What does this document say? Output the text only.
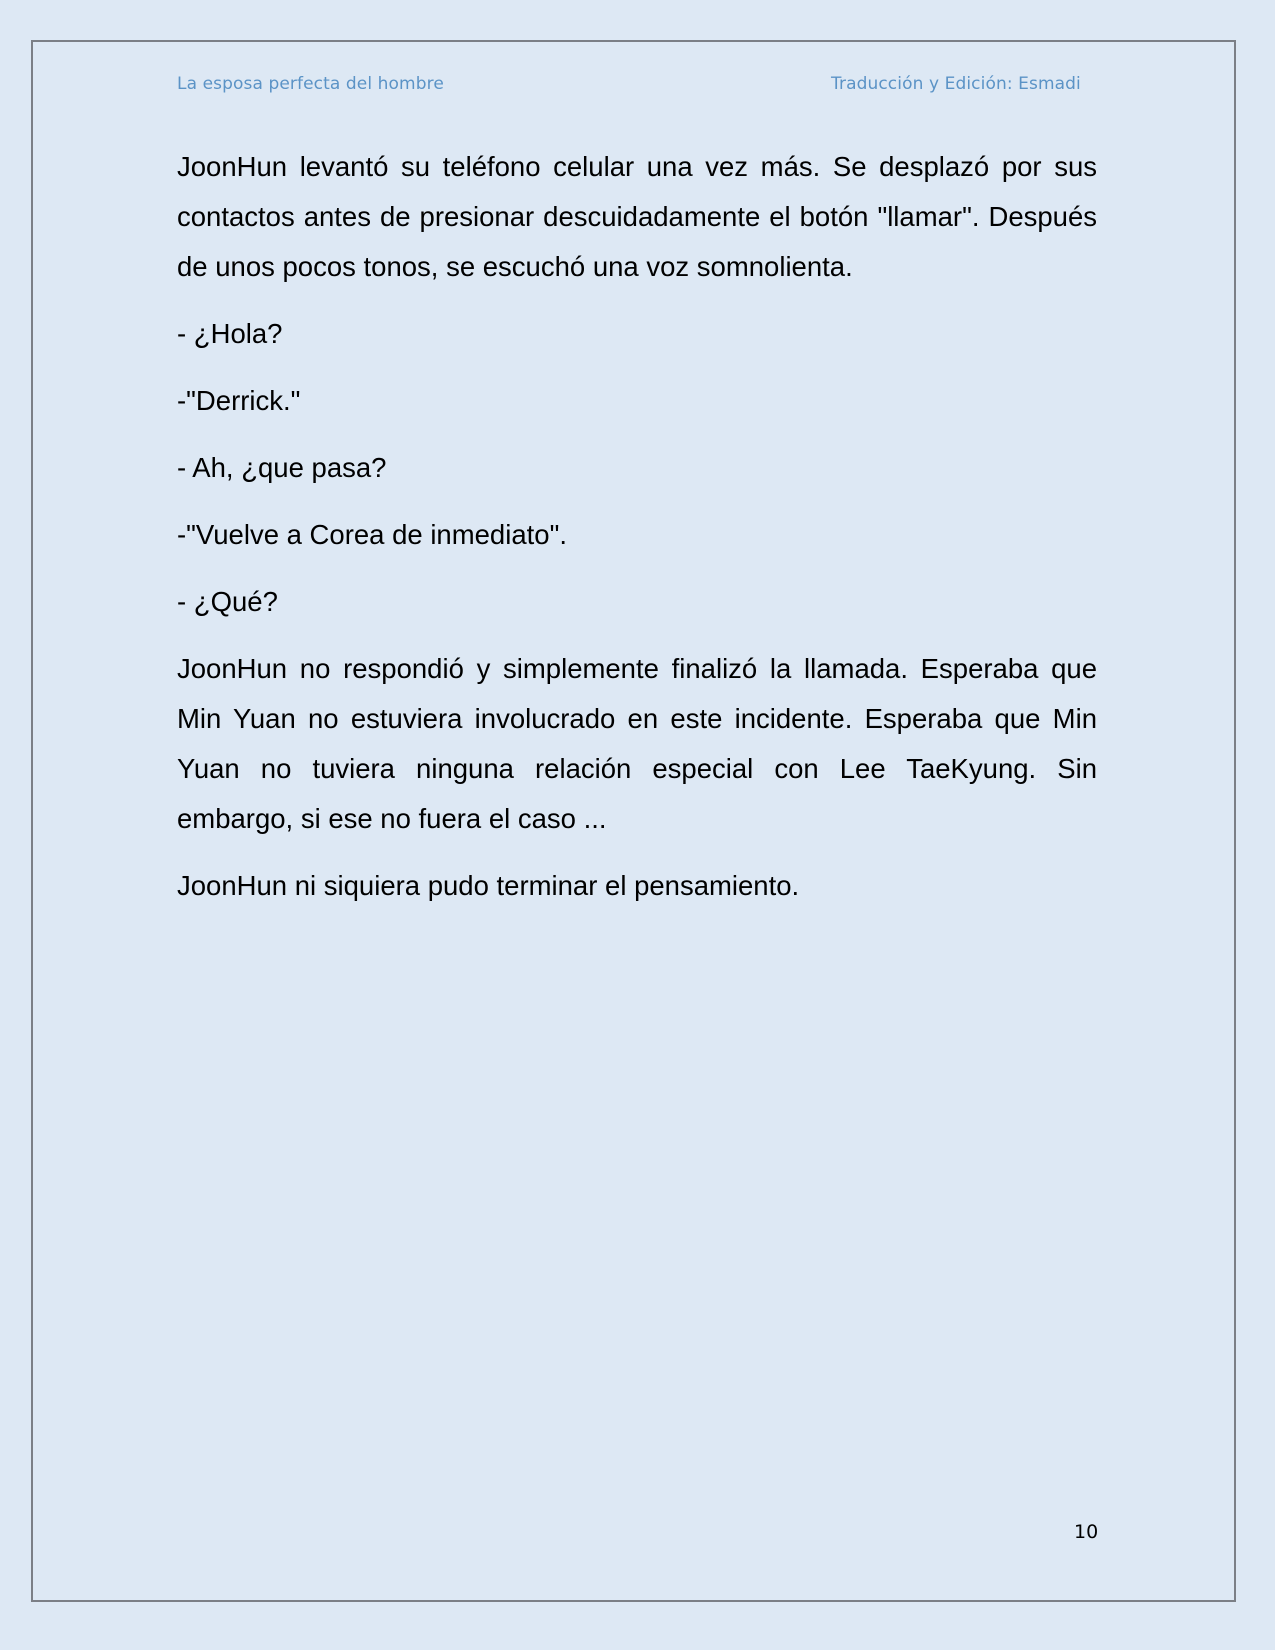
La esposa perfecta del hombre	Traducción y Edición: Esmadi

JoonHun levantó su teléfono celular una vez más. Se desplazó por sus contactos antes de presionar descuidadamente el botón "llamar". Después de unos pocos tonos, se escuchó una voz somnolienta.

- ¿Hola?

-"Derrick."

- Ah, ¿que pasa?

-"Vuelve a Corea de inmediato".

- ¿Qué?

JoonHun no respondió y simplemente finalizó la llamada. Esperaba que Min Yuan no estuviera involucrado en este incidente. Esperaba que Min Yuan no tuviera ninguna relación especial con Lee TaeKyung. Sin embargo, si ese no fuera el caso ...

JoonHun ni siquiera pudo terminar el pensamiento.

10
